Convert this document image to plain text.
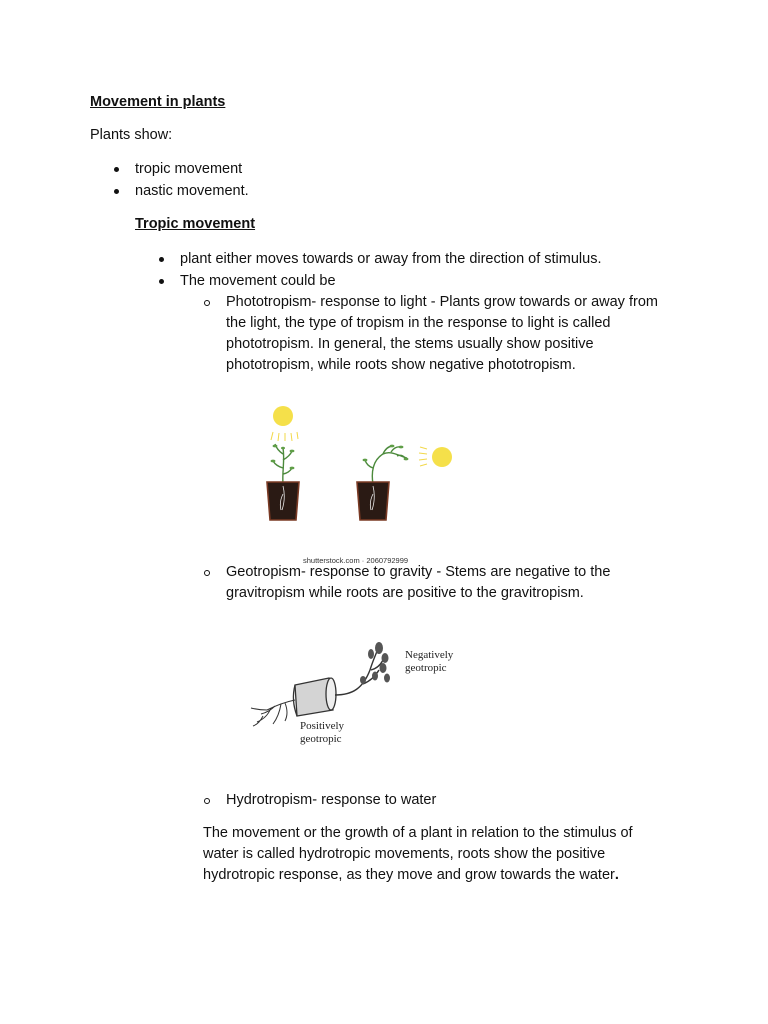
Movement in plants
Plants show:
tropic movement
nastic movement.
Tropic movement
plant either moves towards or away from the direction of stimulus.
The movement could be
Phototropism- response to light - Plants grow towards or away from the light, the type of tropism in the response to light is called phototropism. In general, the stems usually show positive phototropism, while roots show negative phototropism.
shutterstock.com · 2060792999
Geotropism- response to gravity - Stems are negative to the gravitropism while roots are positive to the gravitropism.
Negatively
geotropic
Positively
geotropic
Hydrotropism- response to water
The movement or the growth of a plant in relation to the stimulus of water is called hydrotropic movements, roots show the positive hydrotropic response, as they move and grow towards the water.
